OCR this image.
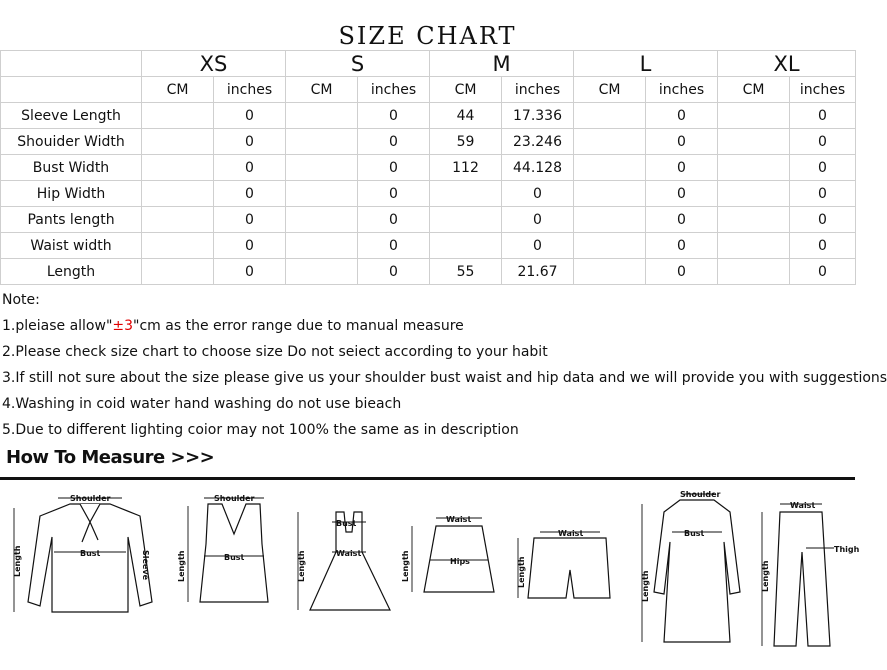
SIZE CHART
	XS		S		M		L		XL	
	CM	inches	CM	inches	CM	inches	CM	inches	CM	inches
Sleeve Length		0		0	44	17.336		0		0
Shouider Width		0		0	59	23.246		0		0
Bust Width		0		0	112	44.128		0		0
Hip Width		0		0		0		0		0
Pants length		0		0		0		0		0
Waist width		0		0		0		0		0
Length		0		0	55	21.67		0		0
Note:
1.pleiase allow"±3"cm as the error range due to manual measure
2.Please check size chart to choose size Do not seiect according to your habit
3.If still not sure about the size please give us your shoulder bust waist and hip data and we will provide you with suggestions
4.Washing in coid water hand washing do not use bieach
5.Due to different lighting coior may not 100% the same as in description
How To Measure >>>
Shoulder
Bust
Length	Sleeve
Shoulder
Bust
Length
Bust
Waist
Length
Waist
Hips
Length
Waist
Length
Shoulder
Bust
Length
Waist
Thigh
Length
